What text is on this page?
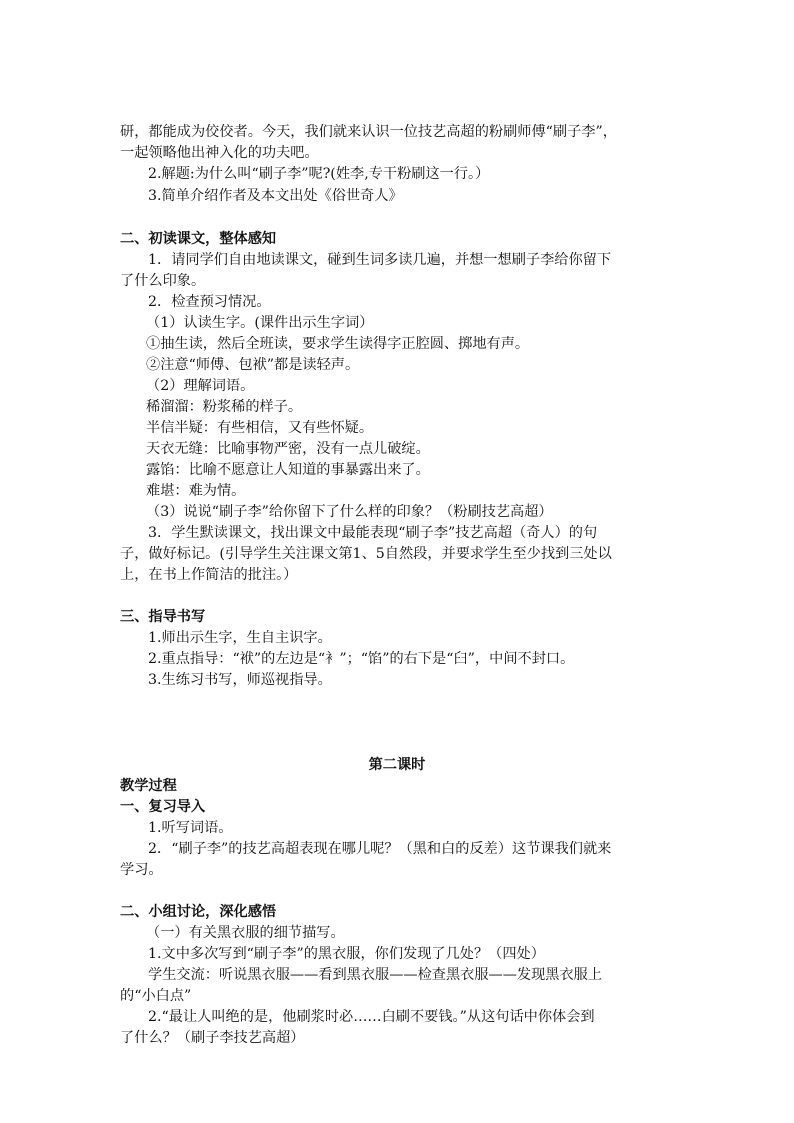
研，都能成为佼佼者。今天，我们就来认识一位技艺高超的粉刷师傅“刷子李”，
一起领略他出神入化的功夫吧。
2.解题:为什么叫“刷子李”呢?(姓李,专干粉刷这一行。）
3.简单介绍作者及本文出处《俗世奇人》
二、初读课文，整体感知
1．请同学们自由地读课文，碰到生词多读几遍，并想一想刷子李给你留下
了什么印象。
2．检查预习情况。
（1）认读生字。(课件出示生字词）
①抽生读，然后全班读，要求学生读得字正腔圆、掷地有声。
②注意“师傅、包袱”都是读轻声。
（2）理解词语。
稀溜溜：粉浆稀的样子。
半信半疑：有些相信，又有些怀疑。
天衣无缝：比喻事物严密，没有一点儿破绽。
露馅：比喻不愿意让人知道的事暴露出来了。
难堪：难为情。
（3）说说“刷子李”给你留下了什么样的印象？（粉刷技艺高超）
3．学生默读课文，找出课文中最能表现“刷子李”技艺高超（奇人）的句
子，做好标记。(引导学生关注课文第1、5自然段，并要求学生至少找到三处以
上，在书上作简洁的批注。）
三、指导书写
1.师出示生字，生自主识字。
2.重点指导：“袱”的左边是“衤”；“馅”的右下是“臼”，中间不封口。
3.生练习书写，师巡视指导。
第二课时
教学过程
一、复习导入
1.听写词语。
2．“刷子李”的技艺高超表现在哪儿呢？（黑和白的反差）这节课我们就来
学习。
二、小组讨论，深化感悟
（一）有关黑衣服的细节描写。
1.文中多次写到“刷子李”的黑衣服，你们发现了几处？（四处）
学生交流：听说黑衣服——看到黑衣服——检查黑衣服——发现黑衣服上
的“小白点”
2.“最让人叫绝的是，他刷浆时必……白刷不要钱。”从这句话中你体会到
了什么？（刷子李技艺高超）
